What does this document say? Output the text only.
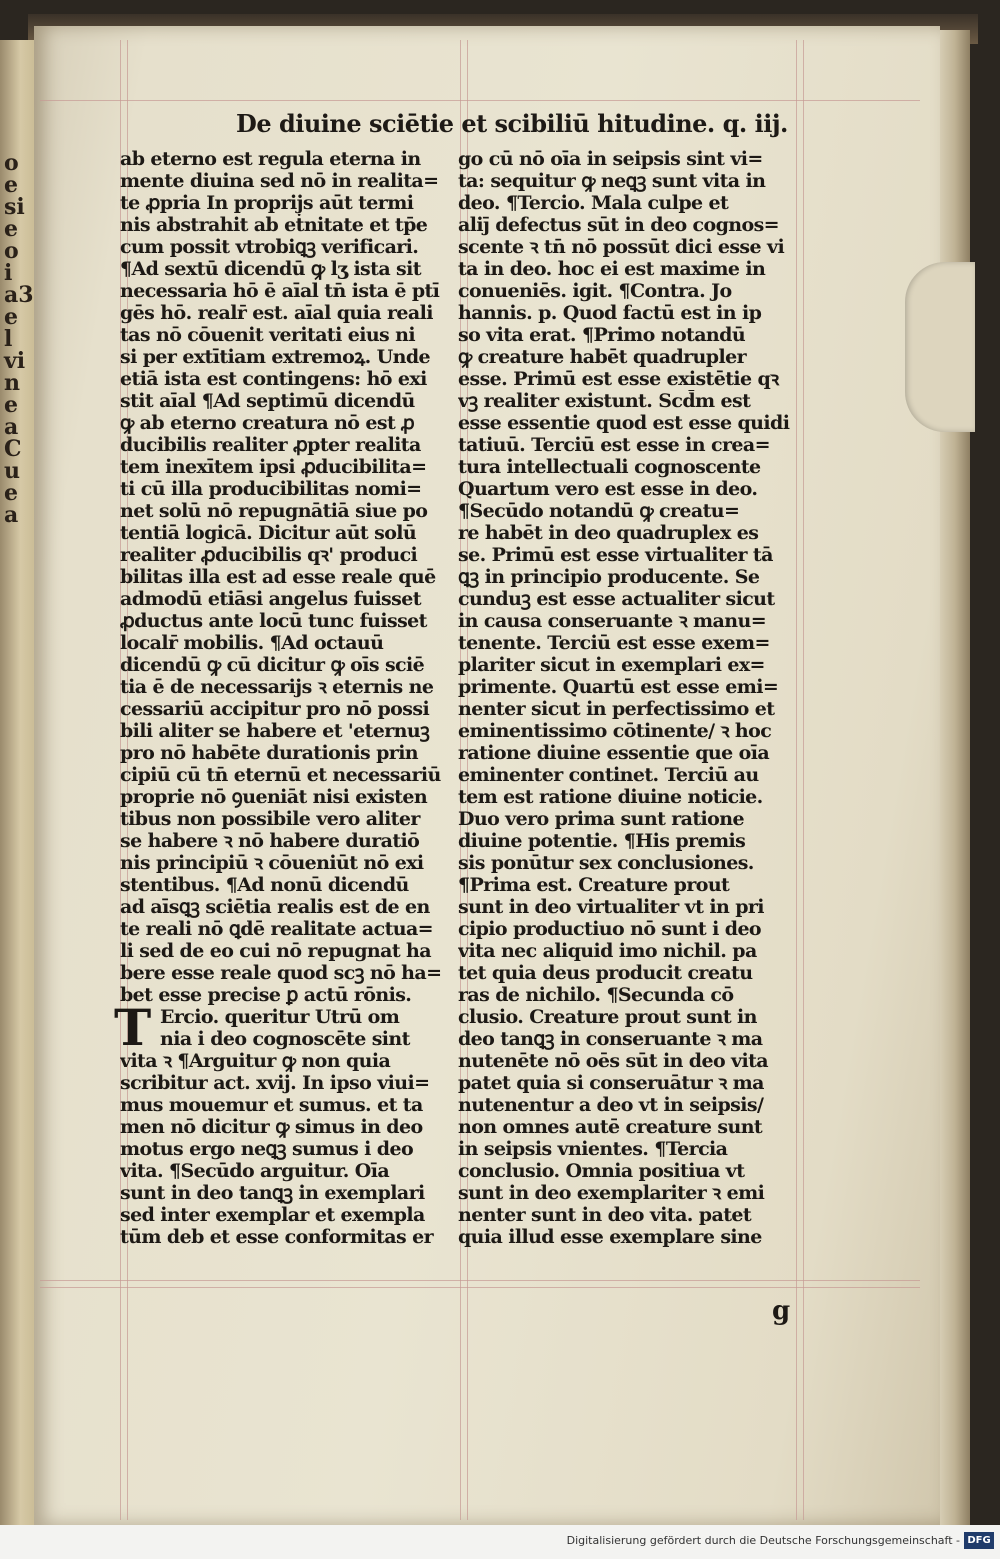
o
e
si
e
o
i
a3
e
l
vi
n
e
a
C
u
e
a
De diuine sciētie et scibiliū hitudine. q. iij.
ab eterno est regula eterna in
mente diuina sed nō in realita=
te ꝓpria In proprijs aūt termi
nis abstrahit ab eṫnitate et tp̄e
cum possit vtrobiꝗꝫ verificari.
¶Ad sextū dicendū ꝙ lʒ ista sit
necessaria hō ē aīal tn̄ ista ē ptī
gēs hō. realr̄ est. aīal quia reali
tas nō cōuenit veritati eius ni
si per extītiam extremoꝝ. Unde
etiā ista est contingens: hō exi
stit aīal ¶Ad septimū dicendū
ꝙ ab eterno creatura nō est ꝓ
ducibilis realiter ꝓpter realita
tem inexītem ipsi ꝓducibilita=
ti cū illa producibilitas nomi=
net solū nō repugnātiā siue po
tentiā logicā. Dicitur aūt solū
realiter ꝓducibilis qꝛ' produci
bilitas illa est ad esse reale quē
admodū etiāsi angelus fuisset
ꝓductus ante locū tunc fuisset
localr̄ mobilis. ¶Ad octauū
dicendū ꝙ cū dicitur ꝙ oīs sciē
tia ē de necessarijs ꝛ eternis ne
cessariū accipitur pro nō possi
bili aliter se habere et 'eternuꝫ
pro nō habēte durationis prin
cipiū cū tn̄ eternū et necessariū
proprie nō ꝯueniāt nisi existen
tibus non possibile vero aliter
se habere ꝛ nō habere duratiō
nis principiū ꝛ cōueniūt nō exi
stentibus. ¶Ad nonū dicendū
ad aīsꝗꝫ sciētia realis est de en
te reali nō ꝗdē realitate actua=
li sed de eo cui nō repugnat ha
bere esse reale quod scꝫ nō ha=
bet esse precise ꝑ actū rōnis.
T Ercio. queritur Utrū om
nia i deo cognoscēte sint
vita ꝛ ¶Arguitur ꝙ non quia
scribitur act. xvij. In ipso viui=
mus mouemur et sumus. et ta
men nō dicitur ꝙ simus in deo
motus ergo neꝗꝫ sumus i deo
vita. ¶Secūdo arguitur. Oīa
sunt in deo tanꝗꝫ in exemplari
sed inter exemplar et exempla
tūm deb et esse conformitas er
go cū nō oīa in seipsis sint vi=
ta: sequitur ꝙ neꝗꝫ sunt vita in
deo. ¶Tercio. Mala culpe et
aliȷ̄ defectus sūt in deo cognos=
scente ꝛ tn̄ nō possūt dici esse vi
ta in deo. hoc ei est maxime in
conueniēs. igit. ¶Contra. Jo
hannis. p. Quod factū est in ip
so vita erat. ¶Primo notandū
ꝙ creature habēt quadrupler
esse. Primū est esse existētie qꝛ
vꝫ realiter existunt. Scd̄m est
esse essentie quod est esse quidi
tatiuū. Terciū est esse in crea=
tura intellectuali cognoscente
Quartum vero est esse in deo.
¶Secūdo notandū ꝙ creatu=
re habēt in deo quadruplex es
se. Primū est esse virtualiter tā
ꝗꝫ in principio producente. Se
cunduꝫ est esse actualiter sicut
in causa conseruante ꝛ manu=
tenente. Terciū est esse exem=
plariter sicut in exemplari ex=
primente. Quartū est esse emi=
nenter sicut in perfectissimo et
eminentissimo cōtinente/ ꝛ hoc
ratione diuine essentie que oīa
eminenter continet. Terciū au
tem est ratione diuine noticie.
Duo vero prima sunt ratione
diuine potentie. ¶His premis
sis ponūtur sex conclusiones.
¶Prima est. Creature prout
sunt in deo virtualiter vt in pri
cipio productiuo nō sunt i deo
vita nec aliquid imo nichil. pa
tet quia deus producit creatu
ras de nichilo. ¶Secunda cō
clusio. Creature prout sunt in
deo tanꝗꝫ in conseruante ꝛ ma
nutenēte nō oēs sūt in deo vita
patet quia si conseruātur ꝛ ma
nutenentur a deo vt in seipsis/
non omnes autē creature sunt
in seipsis vnientes. ¶Tercia
conclusio. Omnia positiua vt
sunt in deo exemplariter ꝛ emi
nenter sunt in deo vita. patet
quia illud esse exemplare sine
g
Digitalisierung gefördert durch die Deutsche Forschungsgemeinschaft - DFG
